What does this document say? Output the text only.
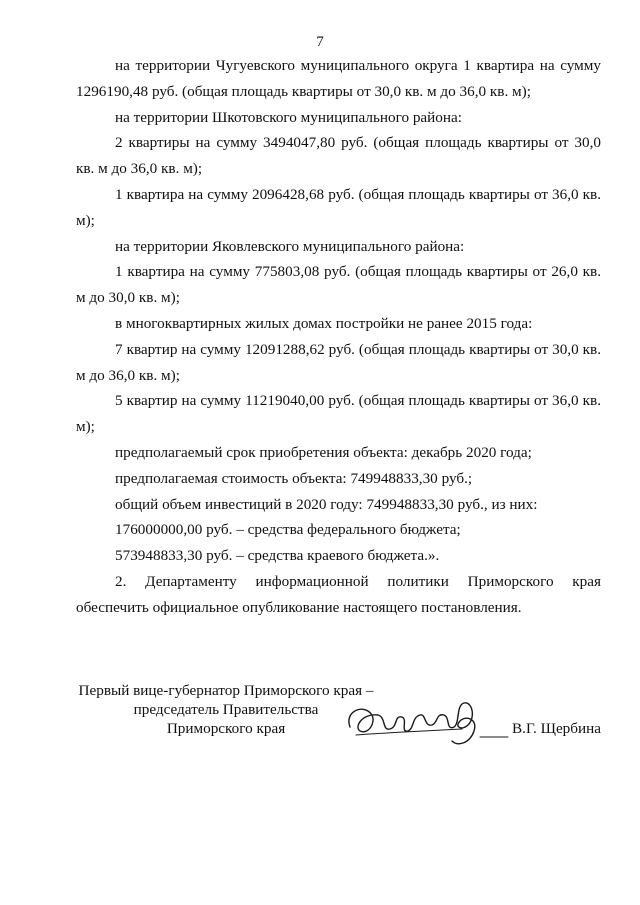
7

на территории Чугуевского муниципального округа 1 квартира на сумму 1296190,48 руб. (общая площадь квартиры от 30,0 кв. м до 36,0 кв. м);

на территории Шкотовского муниципального района:

2 квартиры на сумму 3494047,80 руб. (общая площадь квартиры от 30,0 кв. м до 36,0 кв. м);

1 квартира на сумму 2096428,68 руб. (общая площадь квартиры от 36,0 кв. м);

на территории Яковлевского муниципального района:

1 квартира на сумму 775803,08 руб. (общая площадь квартиры от 26,0 кв. м до 30,0 кв. м);

в многоквартирных жилых домах постройки не ранее 2015 года:

7 квартир на сумму 12091288,62 руб. (общая площадь квартиры от 30,0 кв. м до 36,0 кв. м);

5 квартир на сумму 11219040,00 руб. (общая площадь квартиры от 36,0 кв. м);

предполагаемый срок приобретения объекта: декабрь 2020 года;

предполагаемая стоимость объекта: 749948833,30 руб.;

общий объем инвестиций в 2020 году: 749948833,30 руб., из них:

176000000,00 руб. – средства федерального бюджета;

573948833,30 руб. – средства краевого бюджета.».

2. Департаменту информационной политики Приморского края обеспечить официальное опубликование настоящего постановления.

Первый вице-губернатор Приморского края –
председатель Правительства
Приморского края	В.Г. Щербина
